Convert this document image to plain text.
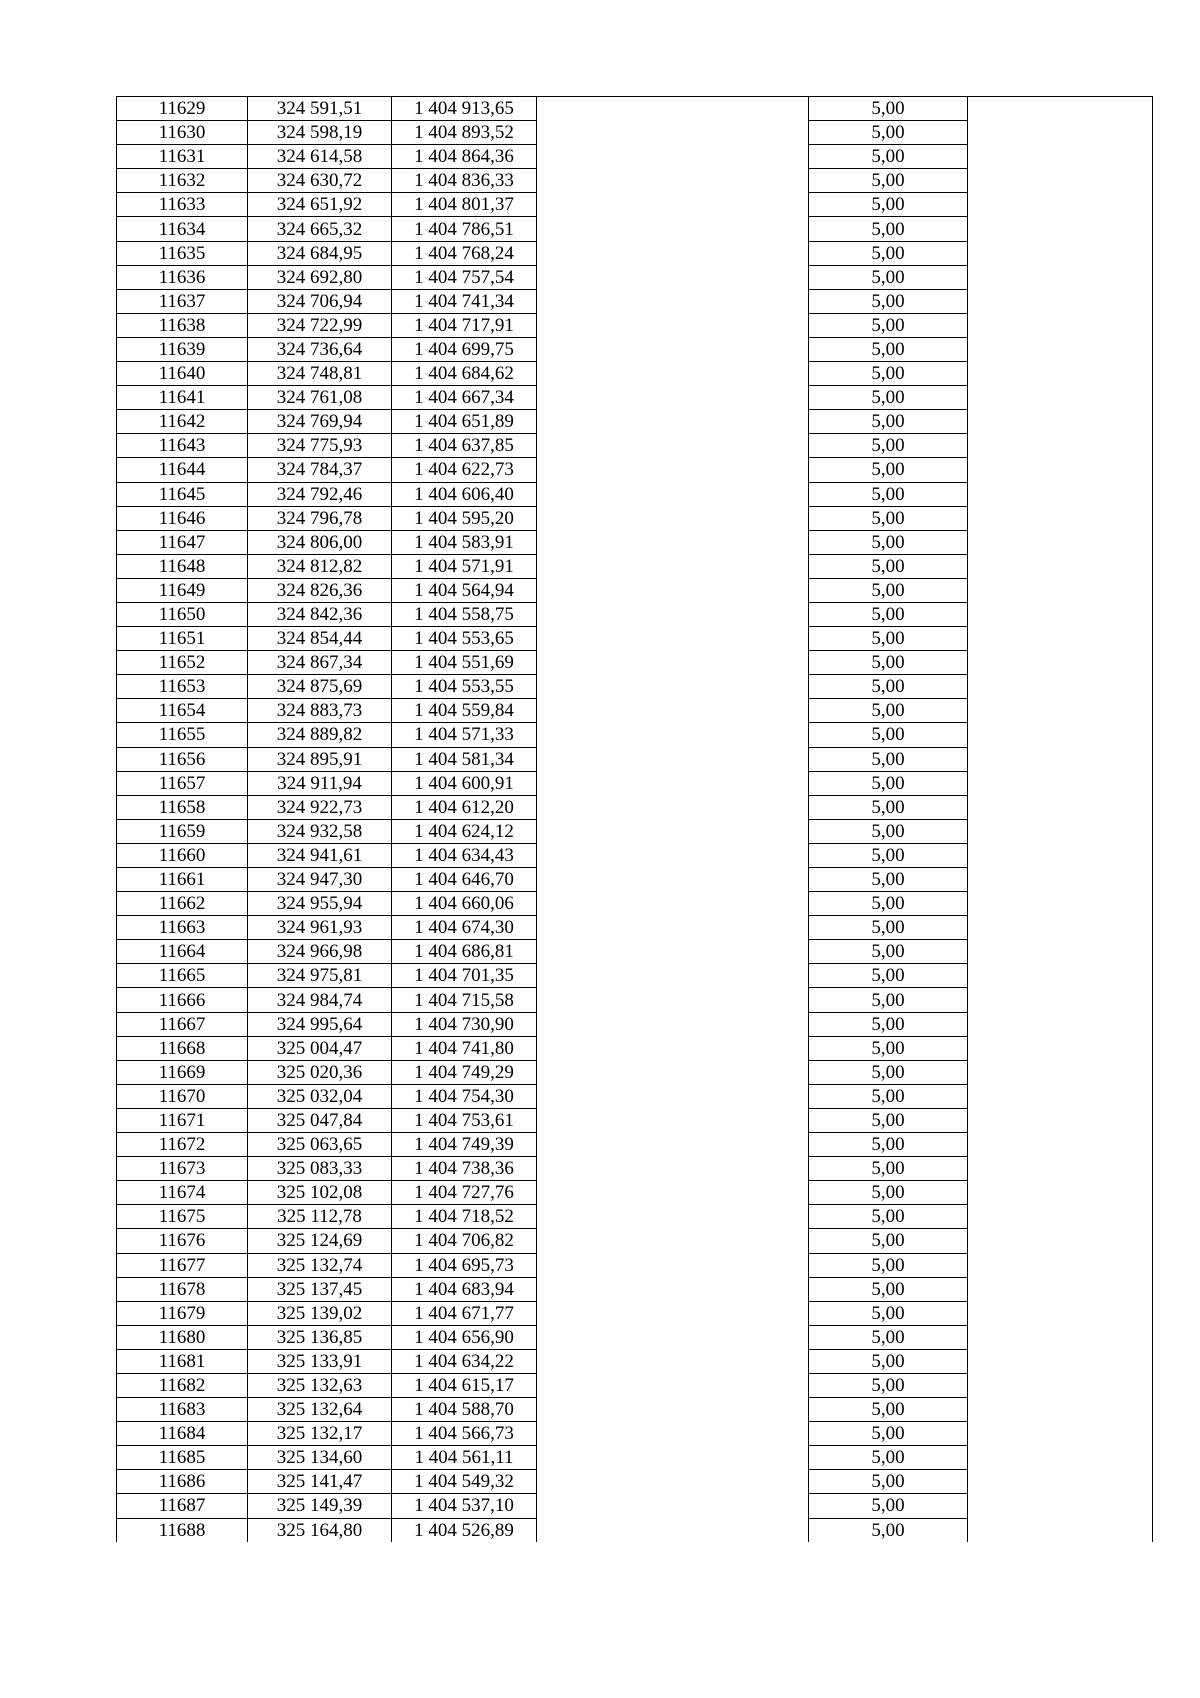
11629	324 591,51	1 404 913,65		5,00	
11630	324 598,19	1 404 893,52		5,00	
11631	324 614,58	1 404 864,36		5,00	
11632	324 630,72	1 404 836,33		5,00	
11633	324 651,92	1 404 801,37		5,00	
11634	324 665,32	1 404 786,51		5,00	
11635	324 684,95	1 404 768,24		5,00	
11636	324 692,80	1 404 757,54		5,00	
11637	324 706,94	1 404 741,34		5,00	
11638	324 722,99	1 404 717,91		5,00	
11639	324 736,64	1 404 699,75		5,00	
11640	324 748,81	1 404 684,62		5,00	
11641	324 761,08	1 404 667,34		5,00	
11642	324 769,94	1 404 651,89		5,00	
11643	324 775,93	1 404 637,85		5,00	
11644	324 784,37	1 404 622,73		5,00	
11645	324 792,46	1 404 606,40		5,00	
11646	324 796,78	1 404 595,20		5,00	
11647	324 806,00	1 404 583,91		5,00	
11648	324 812,82	1 404 571,91		5,00	
11649	324 826,36	1 404 564,94		5,00	
11650	324 842,36	1 404 558,75		5,00	
11651	324 854,44	1 404 553,65		5,00	
11652	324 867,34	1 404 551,69		5,00	
11653	324 875,69	1 404 553,55		5,00	
11654	324 883,73	1 404 559,84		5,00	
11655	324 889,82	1 404 571,33		5,00	
11656	324 895,91	1 404 581,34		5,00	
11657	324 911,94	1 404 600,91		5,00	
11658	324 922,73	1 404 612,20		5,00	
11659	324 932,58	1 404 624,12		5,00	
11660	324 941,61	1 404 634,43		5,00	
11661	324 947,30	1 404 646,70		5,00	
11662	324 955,94	1 404 660,06		5,00	
11663	324 961,93	1 404 674,30		5,00	
11664	324 966,98	1 404 686,81		5,00	
11665	324 975,81	1 404 701,35		5,00	
11666	324 984,74	1 404 715,58		5,00	
11667	324 995,64	1 404 730,90		5,00	
11668	325 004,47	1 404 741,80		5,00	
11669	325 020,36	1 404 749,29		5,00	
11670	325 032,04	1 404 754,30		5,00	
11671	325 047,84	1 404 753,61		5,00	
11672	325 063,65	1 404 749,39		5,00	
11673	325 083,33	1 404 738,36		5,00	
11674	325 102,08	1 404 727,76		5,00	
11675	325 112,78	1 404 718,52		5,00	
11676	325 124,69	1 404 706,82		5,00	
11677	325 132,74	1 404 695,73		5,00	
11678	325 137,45	1 404 683,94		5,00	
11679	325 139,02	1 404 671,77		5,00	
11680	325 136,85	1 404 656,90		5,00	
11681	325 133,91	1 404 634,22		5,00	
11682	325 132,63	1 404 615,17		5,00	
11683	325 132,64	1 404 588,70		5,00	
11684	325 132,17	1 404 566,73		5,00	
11685	325 134,60	1 404 561,11		5,00	
11686	325 141,47	1 404 549,32		5,00	
11687	325 149,39	1 404 537,10		5,00	
11688	325 164,80	1 404 526,89		5,00	
